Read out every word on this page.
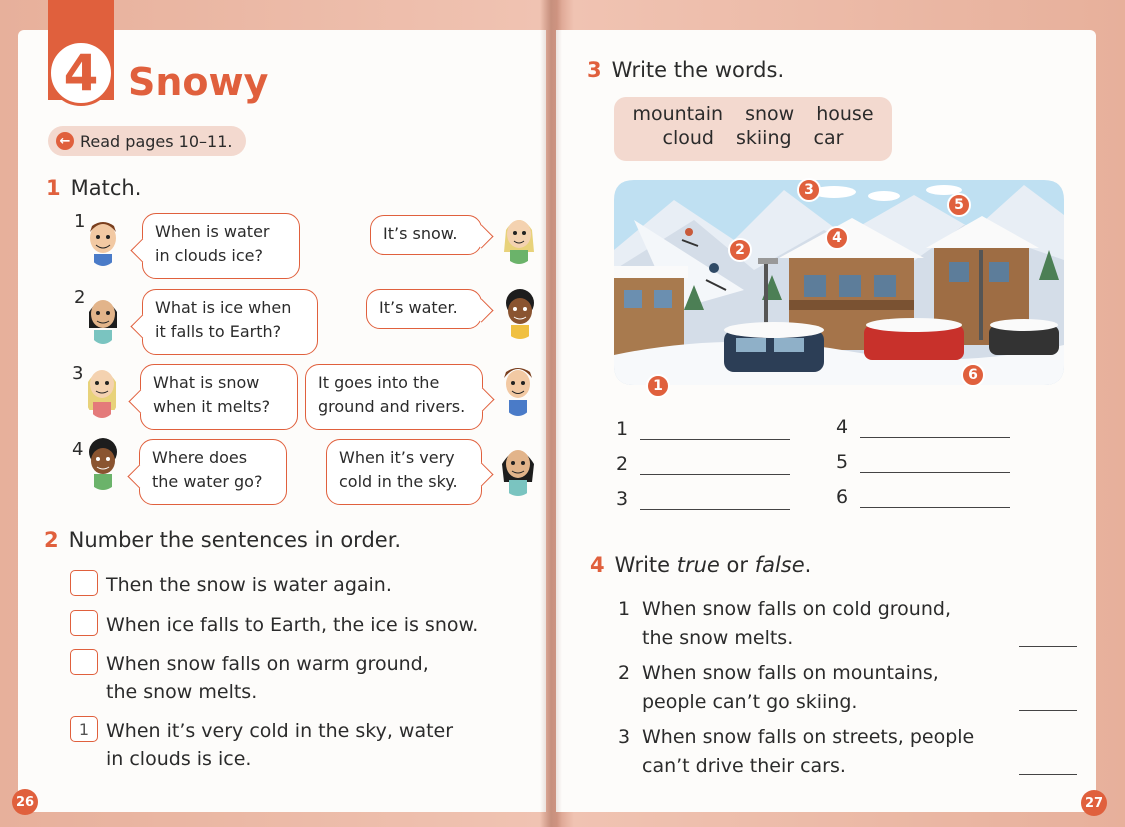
4 Snowy
← Read pages 10–11.
1 Match.
1	When is water
in clouds ice?
It’s snow.
2	What is ice when
it falls to Earth?
It’s water.
3	What is snow
when it melts?
It goes into the
ground and rivers.
4	Where does
the water go?
When it’s very
cold in the sky.
2 Number the sentences in order.
Then the snow is water again.
When ice falls to Earth, the ice is snow.
When snow falls on warm ground,
the snow melts.
1 When it’s very cold in the sky, water
in clouds is ice.
26
3 Write the words.
mountain snow house
cloud skiing car
1
2
3
4
5
6
1
2
3
4
5
6
4 Write true or false.
1 When snow falls on cold ground,
the snow melts.
2 When snow falls on mountains,
people can’t go skiing.
3 When snow falls on streets, people
can’t drive their cars.
27
